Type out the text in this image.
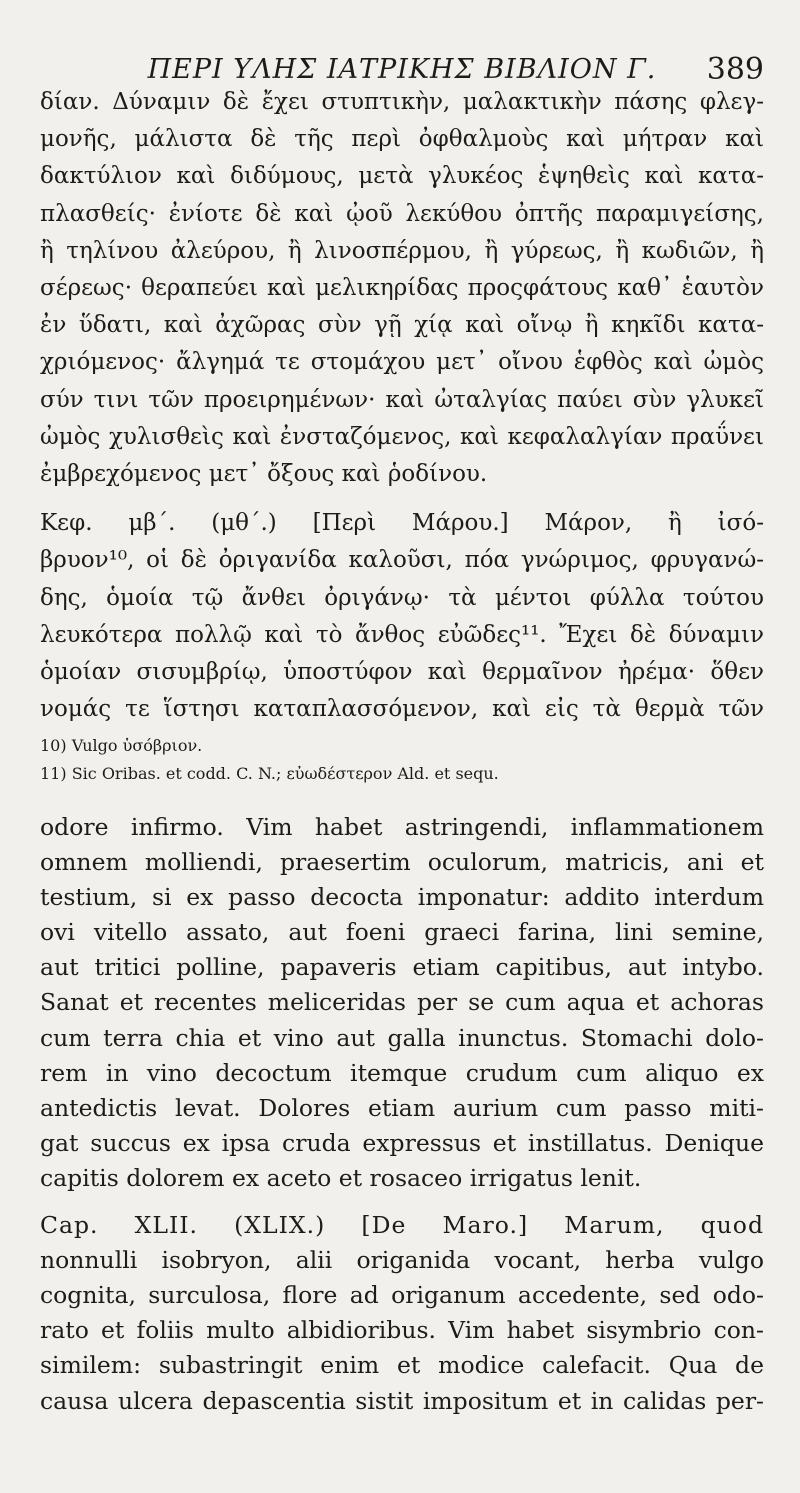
ΠΕΡΙ ΥΛΗΣ ΙΑΤΡΙΚΗΣ ΒΙΒΛΙΟΝ Γ.	389

δίαν. Δύναμιν δὲ ἔχει στυπτικὴν, μαλακτικὴν πάσης φλεγ-

μονῆς, μάλιστα δὲ τῆς περὶ ὀφθαλμοὺς καὶ μήτραν καὶ

δακτύλιον καὶ διδύμους, μετὰ γλυκέος ἑψηθεὶς καὶ κατα-

πλασθείς· ἐνίοτε δὲ καὶ ᾠοῦ λεκύθου ὀπτῆς παραμιγείσης,

ἢ τηλίνου ἀλεύρου, ἢ λινοσπέρμου, ἢ γύρεως, ἢ κωδιῶν, ἢ

σέρεως· θεραπεύει καὶ μελικηρίδας προςφάτους καθ᾽ ἑαυτὸν

ἐν ὕδατι, καὶ ἀχῶρας σὺν γῇ χίᾳ καὶ οἴνῳ ἢ κηκῖδι κατα-

χριόμενος· ἄλγημά τε στομάχου μετ᾽ οἴνου ἑφθὸς καὶ ὠμὸς

σύν τινι τῶν προειρημένων· καὶ ὠταλγίας παύει σὺν γλυκεῖ

ὠμὸς χυλισθεὶς καὶ ἐνσταζόμενος, καὶ κεφαλαλγίαν πραΰνει

ἐμβρεχόμενος μετ᾽ ὄξους καὶ ῥοδίνου.

Κεφ. μβ΄. (μθ΄.) [Περὶ Μάρου.] Μάρον, ἢ ἰσό-

βρυον¹⁰, οἱ δὲ ὀριγανίδα καλοῦσι, πόα γνώριμος, φρυγανώ-

δης, ὁμοία τῷ ἄνθει ὀριγάνῳ· τὰ μέντοι φύλλα τούτου

λευκότερα πολλῷ καὶ τὸ ἄνθος εὐῶδες¹¹. Ἔχει δὲ δύναμιν

ὁμοίαν σισυμβρίῳ, ὑποστύφον καὶ θερμαῖνον ἠρέμα· ὅθεν

νομάς τε ἵστησι καταπλασσόμενον, καὶ εἰς τὰ θερμὰ τῶν

10) Vulgo ὑσόβριον.

11) Sic Oribas. et codd. C. N.; εὐωδέστερον Ald. et sequ.

odore infirmo. Vim habet astringendi, inflammationem

omnem molliendi, praesertim oculorum, matricis, ani et

testium, si ex passo decocta imponatur: addito interdum

ovi vitello assato, aut foeni graeci farina, lini semine,

aut tritici polline, papaveris etiam capitibus, aut intybo.

Sanat et recentes meliceridas per se cum aqua et achoras

cum terra chia et vino aut galla inunctus. Stomachi dolo-

rem in vino decoctum itemque crudum cum aliquo ex

antedictis levat. Dolores etiam aurium cum passo miti-

gat succus ex ipsa cruda expressus et instillatus. Denique

capitis dolorem ex aceto et rosaceo irrigatus lenit.

Cap. XLII. (XLIX.) [De Maro.] Marum, quod

nonnulli isobryon, alii origanida vocant, herba vulgo

cognita, surculosa, flore ad origanum accedente, sed odo-

rato et foliis multo albidioribus. Vim habet sisymbrio con-

similem: subastringit enim et modice calefacit. Qua de

causa ulcera depascentia sistit impositum et in calidas per-
